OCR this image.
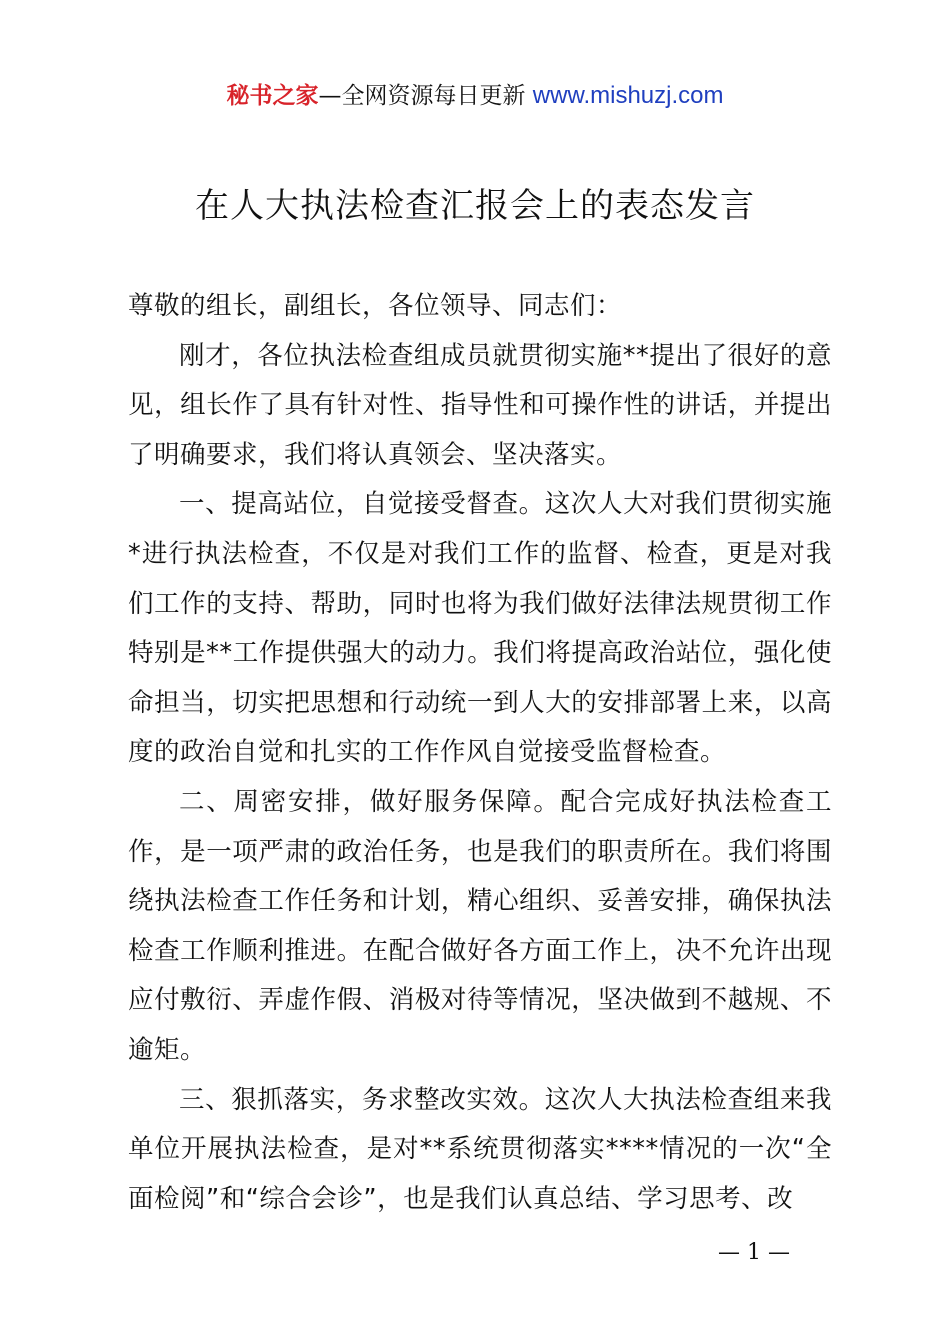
秘书之家—全网资源每日更新 www.mishuzj.com
在人大执法检查汇报会上的表态发言

尊敬的组长，副组长，各位领导、同志们：

刚才，各位执法检查组成员就贯彻实施**提出了很好的意见，组长作了具有针对性、指导性和可操作性的讲话，并提出了明确要求，我们将认真领会、坚决落实。

一、提高站位，自觉接受督查。这次人大对我们贯彻实施*进行执法检查，不仅是对我们工作的监督、检查，更是对我们工作的支持、帮助，同时也将为我们做好法律法规贯彻工作特别是**工作提供强大的动力。我们将提高政治站位，强化使命担当，切实把思想和行动统一到人大的安排部署上来，以高度的政治自觉和扎实的工作作风自觉接受监督检查。

二、周密安排，做好服务保障。配合完成好执法检查工作，是一项严肃的政治任务，也是我们的职责所在。我们将围绕执法检查工作任务和计划，精心组织、妥善安排，确保执法检查工作顺利推进。在配合做好各方面工作上，决不允许出现应付敷衍、弄虚作假、消极对待等情况，坚决做到不越规、不逾矩。

三、狠抓落实，务求整改实效。这次人大执法检查组来我单位开展执法检查，是对**系统贯彻落实****情况的一次“全面检阅”和“综合会诊”，也是我们认真总结、学习思考、改

— 1 —
